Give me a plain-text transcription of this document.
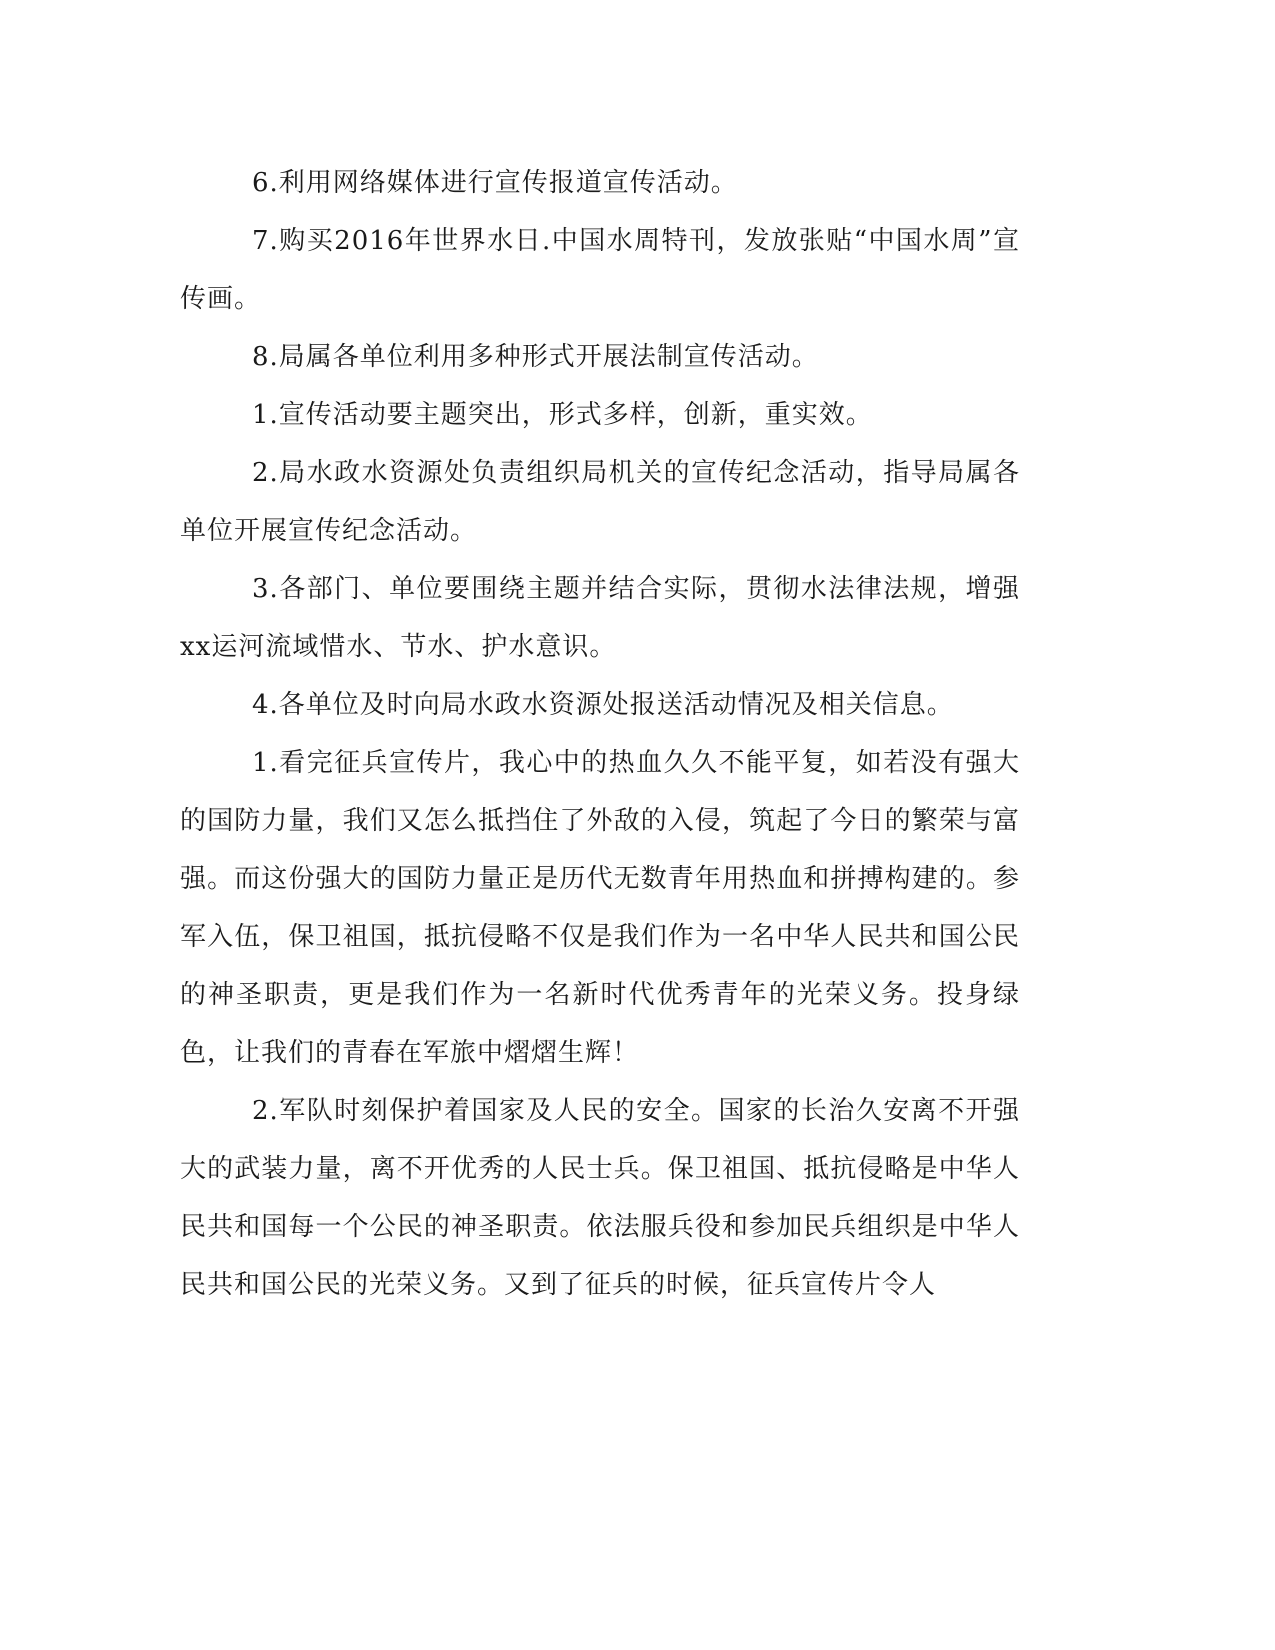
6.利用网络媒体进行宣传报道宣传活动。

7.购买2016年世界水日.中国水周特刊，发放张贴“中国水周”宣传画。

8.局属各单位利用多种形式开展法制宣传活动。

1.宣传活动要主题突出，形式多样，创新，重实效。

2.局水政水资源处负责组织局机关的宣传纪念活动，指导局属各单位开展宣传纪念活动。

3.各部门、单位要围绕主题并结合实际，贯彻水法律法规，增强xx运河流域惜水、节水、护水意识。

4.各单位及时向局水政水资源处报送活动情况及相关信息。

1.看完征兵宣传片，我心中的热血久久不能平复，如若没有强大的国防力量，我们又怎么抵挡住了外敌的入侵，筑起了今日的繁荣与富强。而这份强大的国防力量正是历代无数青年用热血和拼搏构建的。参军入伍，保卫祖国，抵抗侵略不仅是我们作为一名中华人民共和国公民的神圣职责，更是我们作为一名新时代优秀青年的光荣义务。投身绿色，让我们的青春在军旅中熠熠生辉！

2.军队时刻保护着国家及人民的安全。国家的长治久安离不开强大的武装力量，离不开优秀的人民士兵。保卫祖国、抵抗侵略是中华人民共和国每一个公民的神圣职责。依法服兵役和参加民兵组织是中华人民共和国公民的光荣义务。又到了征兵的时候，征兵宣传片令人
